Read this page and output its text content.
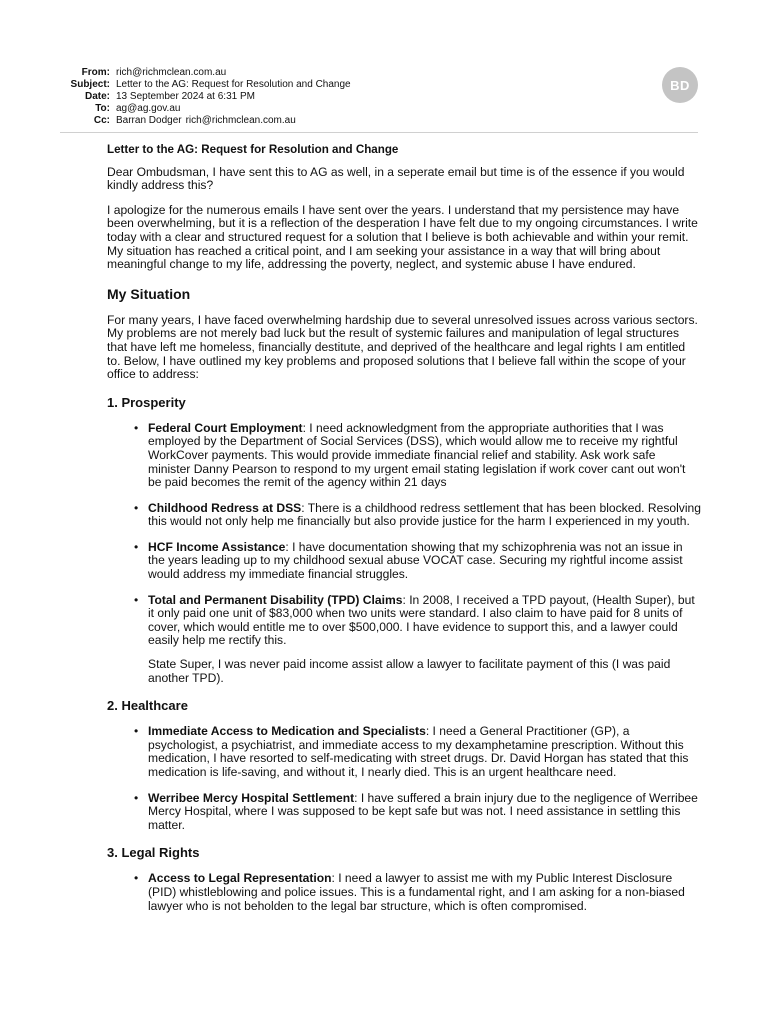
From: rich@richmclean.com.au
Subject: Letter to the AG: Request for Resolution and Change
Date: 13 September 2024 at 6:31 PM
To: ag@ag.gov.au
Cc: Barran Dodger rich@richmclean.com.au
BD

Letter to the AG: Request for Resolution and Change

Dear Ombudsman, I have sent this to AG as well, in a seperate email but time is of the essence if you would kindly address this?

I apologize for the numerous emails I have sent over the years. I understand that my persistence may have been overwhelming, but it is a reflection of the desperation I have felt due to my ongoing circumstances. I write today with a clear and structured request for a solution that I believe is both achievable and within your remit. My situation has reached a critical point, and I am seeking your assistance in a way that will bring about meaningful change to my life, addressing the poverty, neglect, and systemic abuse I have endured.

My Situation

For many years, I have faced overwhelming hardship due to several unresolved issues across various sectors. My problems are not merely bad luck but the result of systemic failures and manipulation of legal structures that have left me homeless, financially destitute, and deprived of the healthcare and legal rights I am entitled to. Below, I have outlined my key problems and proposed solutions that I believe fall within the scope of your office to address:

1. Prosperity
• Federal Court Employment: I need acknowledgment from the appropriate authorities that I was employed by the Department of Social Services (DSS), which would allow me to receive my rightful WorkCover payments. This would provide immediate financial relief and stability. Ask work safe minister Danny Pearson to respond to my urgent email stating legislation if work cover cant out won't be paid becomes the remit of the agency within 21 days
• Childhood Redress at DSS: There is a childhood redress settlement that has been blocked. Resolving this would not only help me financially but also provide justice for the harm I experienced in my youth.
• HCF Income Assistance: I have documentation showing that my schizophrenia was not an issue in the years leading up to my childhood sexual abuse VOCAT case. Securing my rightful income assist would address my immediate financial struggles.
• Total and Permanent Disability (TPD) Claims: In 2008, I received a TPD payout, (Health Super), but it only paid one unit of $83,000 when two units were standard. I also claim to have paid for 8 units of cover, which would entitle me to over $500,000. I have evidence to support this, and a lawyer could easily help me rectify this.
State Super, I was never paid income assist allow a lawyer to facilitate payment of this (I was paid another TPD).
2. Healthcare
• Immediate Access to Medication and Specialists: I need a General Practitioner (GP), a psychologist, a psychiatrist, and immediate access to my dexamphetamine prescription. Without this medication, I have resorted to self-medicating with street drugs. Dr. David Horgan has stated that this medication is life-saving, and without it, I nearly died. This is an urgent healthcare need.
• Werribee Mercy Hospital Settlement: I have suffered a brain injury due to the negligence of Werribee Mercy Hospital, where I was supposed to be kept safe but was not. I need assistance in settling this matter.
3. Legal Rights
• Access to Legal Representation: I need a lawyer to assist me with my Public Interest Disclosure (PID) whistleblowing and police issues. This is a fundamental right, and I am asking for a non-biased lawyer who is not beholden to the legal bar structure, which is often compromised.
